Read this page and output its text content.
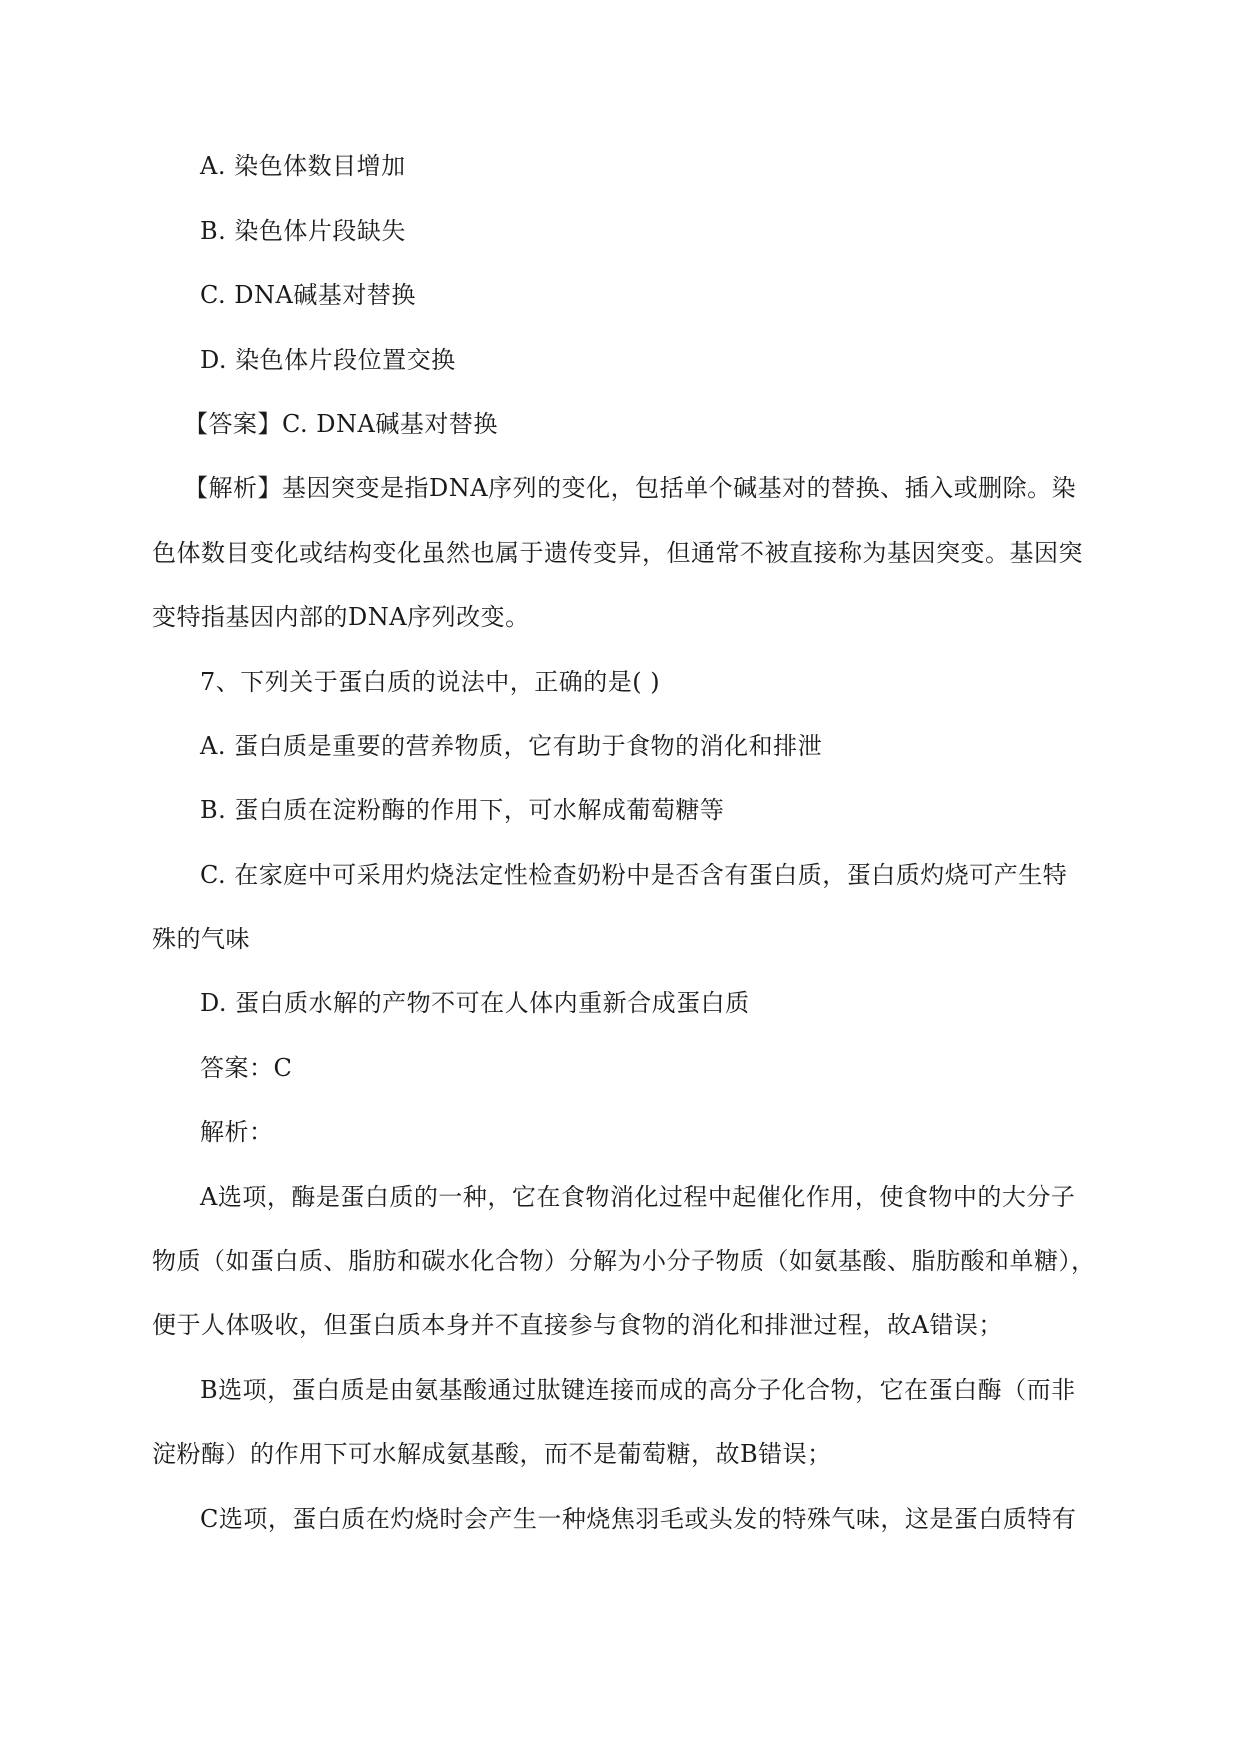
A. 染色体数目增加
B. 染色体片段缺失
C. DNA碱基对替换
D. 染色体片段位置交换
【答案】C. DNA碱基对替换
【解析】基因突变是指DNA序列的变化，包括单个碱基对的替换、插入或删除。染
色体数目变化或结构变化虽然也属于遗传变异，但通常不被直接称为基因突变。基因突
变特指基因内部的DNA序列改变。
7、下列关于蛋白质的说法中，正确的是( )
A. 蛋白质是重要的营养物质，它有助于食物的消化和排泄
B. 蛋白质在淀粉酶的作用下，可水解成葡萄糖等
C. 在家庭中可采用灼烧法定性检查奶粉中是否含有蛋白质，蛋白质灼烧可产生特
殊的气味
D. 蛋白质水解的产物不可在人体内重新合成蛋白质
答案：C
解析：
A选项，酶是蛋白质的一种，它在食物消化过程中起催化作用，使食物中的大分子
物质（如蛋白质、脂肪和碳水化合物）分解为小分子物质（如氨基酸、脂肪酸和单糖），
便于人体吸收，但蛋白质本身并不直接参与食物的消化和排泄过程，故A错误；
B选项，蛋白质是由氨基酸通过肽键连接而成的高分子化合物，它在蛋白酶（而非
淀粉酶）的作用下可水解成氨基酸，而不是葡萄糖，故B错误；
C选项，蛋白质在灼烧时会产生一种烧焦羽毛或头发的特殊气味，这是蛋白质特有
